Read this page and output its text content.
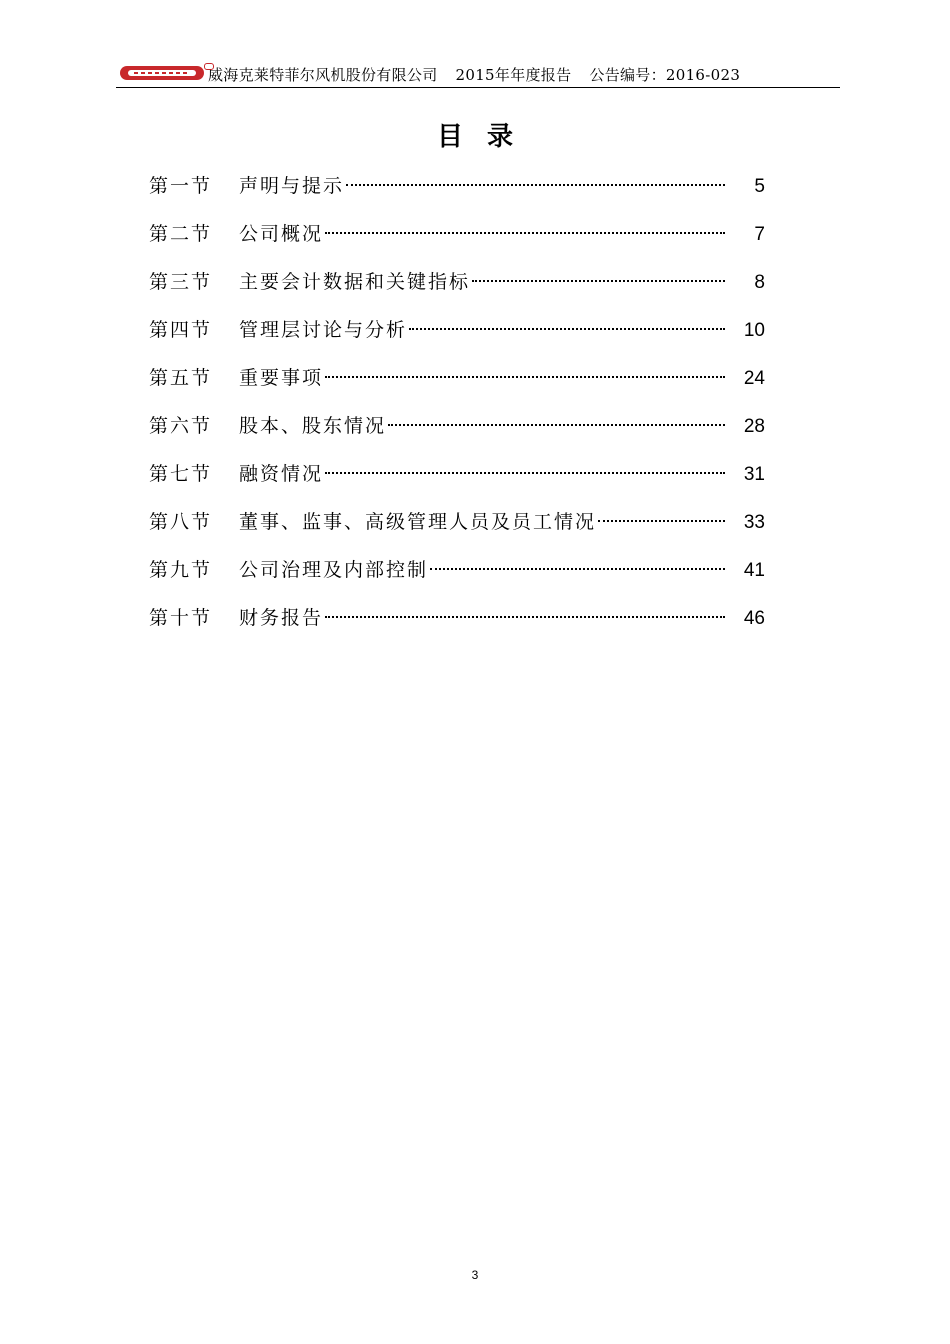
威海克莱特菲尔风机股份有限公司 2015年年度报告 公告编号：2016-023
目录
第一节	声明与提示	5
第二节	公司概况	7
第三节	主要会计数据和关键指标	8
第四节	管理层讨论与分析	10
第五节	重要事项	24
第六节	股本、股东情况	28
第七节	融资情况	31
第八节	董事、监事、高级管理人员及员工情况	33
第九节	公司治理及内部控制	41
第十节	财务报告	46
3
